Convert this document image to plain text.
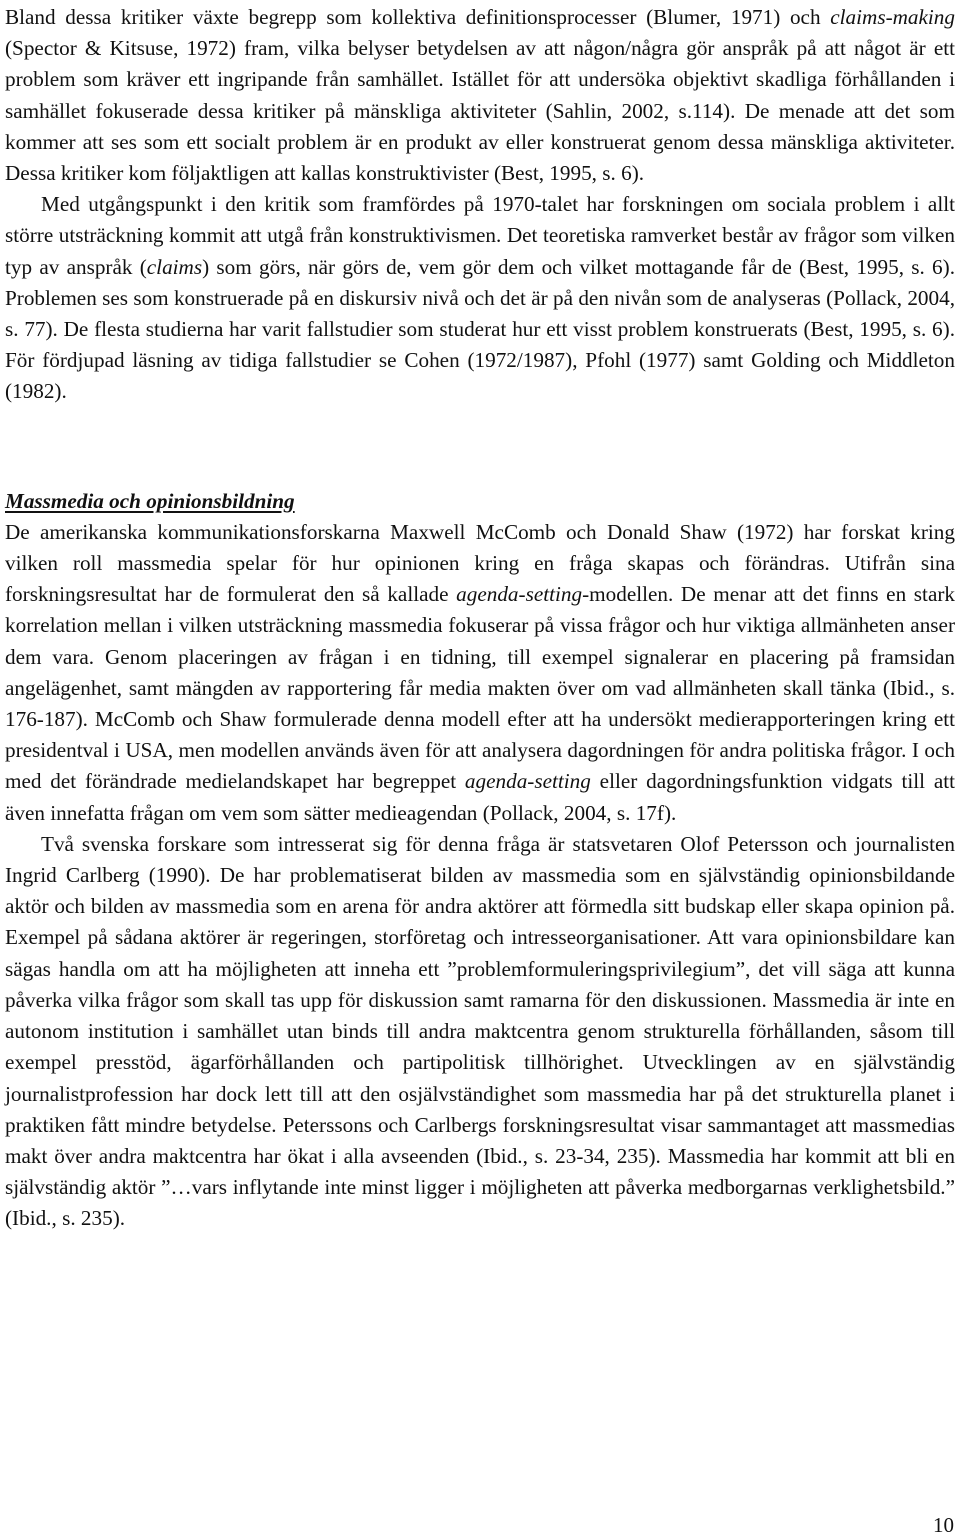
Bland dessa kritiker växte begrepp som kollektiva definitionsprocesser (Blumer, 1971) och claims-making (Spector & Kitsuse, 1972) fram, vilka belyser betydelsen av att någon/några gör anspråk på att något är ett problem som kräver ett ingripande från samhället. Istället för att undersöka objektivt skadliga förhållanden i samhället fokuserade dessa kritiker på mänskliga aktiviteter (Sahlin, 2002, s.114). De menade att det som kommer att ses som ett socialt problem är en produkt av eller konstruerat genom dessa mänskliga aktiviteter. Dessa kritiker kom följaktligen att kallas konstruktivister (Best, 1995, s. 6).

Med utgångspunkt i den kritik som framfördes på 1970-talet har forskningen om sociala problem i allt större utsträckning kommit att utgå från konstruktivismen. Det teoretiska ramverket består av frågor som vilken typ av anspråk (claims) som görs, när görs de, vem gör dem och vilket mottagande får de (Best, 1995, s. 6). Problemen ses som konstruerade på en diskursiv nivå och det är på den nivån som de analyseras (Pollack, 2004, s. 77). De flesta studierna har varit fallstudier som studerat hur ett visst problem konstruerats (Best, 1995, s. 6). För fördjupad läsning av tidiga fallstudier se Cohen (1972/1987), Pfohl (1977) samt Golding och Middleton (1982).

Massmedia och opinionsbildning

De amerikanska kommunikationsforskarna Maxwell McComb och Donald Shaw (1972) har forskat kring vilken roll massmedia spelar för hur opinionen kring en fråga skapas och förändras. Utifrån sina forskningsresultat har de formulerat den så kallade agenda-setting-modellen. De menar att det finns en stark korrelation mellan i vilken utsträckning massmedia fokuserar på vissa frågor och hur viktiga allmänheten anser dem vara. Genom placeringen av frågan i en tidning, till exempel signalerar en placering på framsidan angelägenhet, samt mängden av rapportering får media makten över om vad allmänheten skall tänka (Ibid., s. 176-187). McComb och Shaw formulerade denna modell efter att ha undersökt medierapporteringen kring ett presidentval i USA, men modellen används även för att analysera dagordningen för andra politiska frågor. I och med det förändrade medielandskapet har begreppet agenda-setting eller dagordningsfunktion vidgats till att även innefatta frågan om vem som sätter medieagendan (Pollack, 2004, s. 17f).

Två svenska forskare som intresserat sig för denna fråga är statsvetaren Olof Petersson och journalisten Ingrid Carlberg (1990). De har problematiserat bilden av massmedia som en självständig opinionsbildande aktör och bilden av massmedia som en arena för andra aktörer att förmedla sitt budskap eller skapa opinion på. Exempel på sådana aktörer är regeringen, storföretag och intresseorganisationer. Att vara opinionsbildare kan sägas handla om att ha möjligheten att inneha ett ”problemformuleringsprivilegium”, det vill säga att kunna påverka vilka frågor som skall tas upp för diskussion samt ramarna för den diskussionen. Massmedia är inte en autonom institution i samhället utan binds till andra maktcentra genom strukturella förhållanden, såsom till exempel presstöd, ägarförhållanden och partipolitisk tillhörighet. Utvecklingen av en självständig journalistprofession har dock lett till att den osjälvständighet som massmedia har på det strukturella planet i praktiken fått mindre betydelse. Peterssons och Carlbergs forskningsresultat visar sammantaget att massmedias makt över andra maktcentra har ökat i alla avseenden (Ibid., s. 23-34, 235). Massmedia har kommit att bli en självständig aktör ”…vars inflytande inte minst ligger i möjligheten att påverka medborgarnas verklighetsbild.” (Ibid., s. 235).

10
